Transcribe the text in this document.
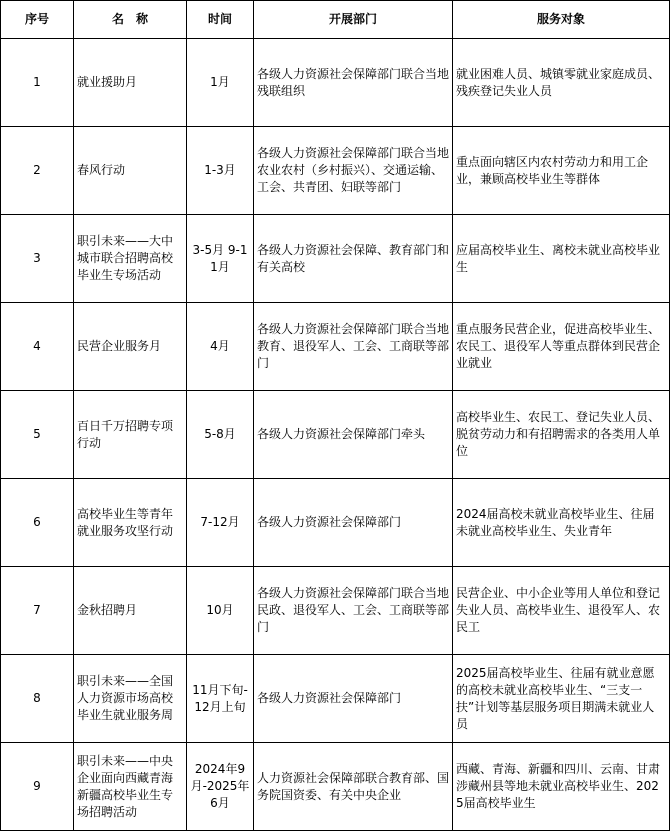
序号	名　称	时间	开展部门	服务对象
1	就业援助月	1月	各级人力资源社会保障部门联合当地残联组织	就业困难人员、城镇零就业家庭成员、残疾登记失业人员
2	春风行动	1-3月	各级人力资源社会保障部门联合当地农业农村（乡村振兴）、交通运输、工会、共青团、妇联等部门	重点面向辖区内农村劳动力和用工企业，兼顾高校毕业生等群体
3	职引未来——大中城市联合招聘高校毕业生专场活动	3-5月 9-11月	各级人力资源社会保障、教育部门和有关高校	应届高校毕业生、离校未就业高校毕业生
4	民营企业服务月	4月	各级人力资源社会保障部门联合当地教育、退役军人、工会、工商联等部门	重点服务民营企业，促进高校毕业生、农民工、退役军人等重点群体到民营企业就业
5	百日千万招聘专项行动	5-8月	各级人力资源社会保障部门牵头	高校毕业生、农民工、登记失业人员、脱贫劳动力和有招聘需求的各类用人单位
6	高校毕业生等青年就业服务攻坚行动	7-12月	各级人力资源社会保障部门	2024届高校未就业高校毕业生、往届未就业高校毕业生、失业青年
7	金秋招聘月	10月	各级人力资源社会保障部门联合当地民政、退役军人、工会、工商联等部门	民营企业、中小企业等用人单位和登记失业人员、高校毕业生、退役军人、农民工
8	职引未来——全国人力资源市场高校毕业生就业服务周	11月下旬-12月上旬	各级人力资源社会保障部门	2025届高校毕业生、往届有就业意愿的高校未就业高校毕业生、“三支一扶”计划等基层服务项目期满未就业人员
9	职引未来——中央企业面向西藏青海新疆高校毕业生专场招聘活动	2024年9月-2025年6月	人力资源社会保障部联合教育部、国务院国资委、有关中央企业	西藏、青海、新疆和四川、云南、甘肃涉藏州县等地未就业高校毕业生、2025届高校毕业生
